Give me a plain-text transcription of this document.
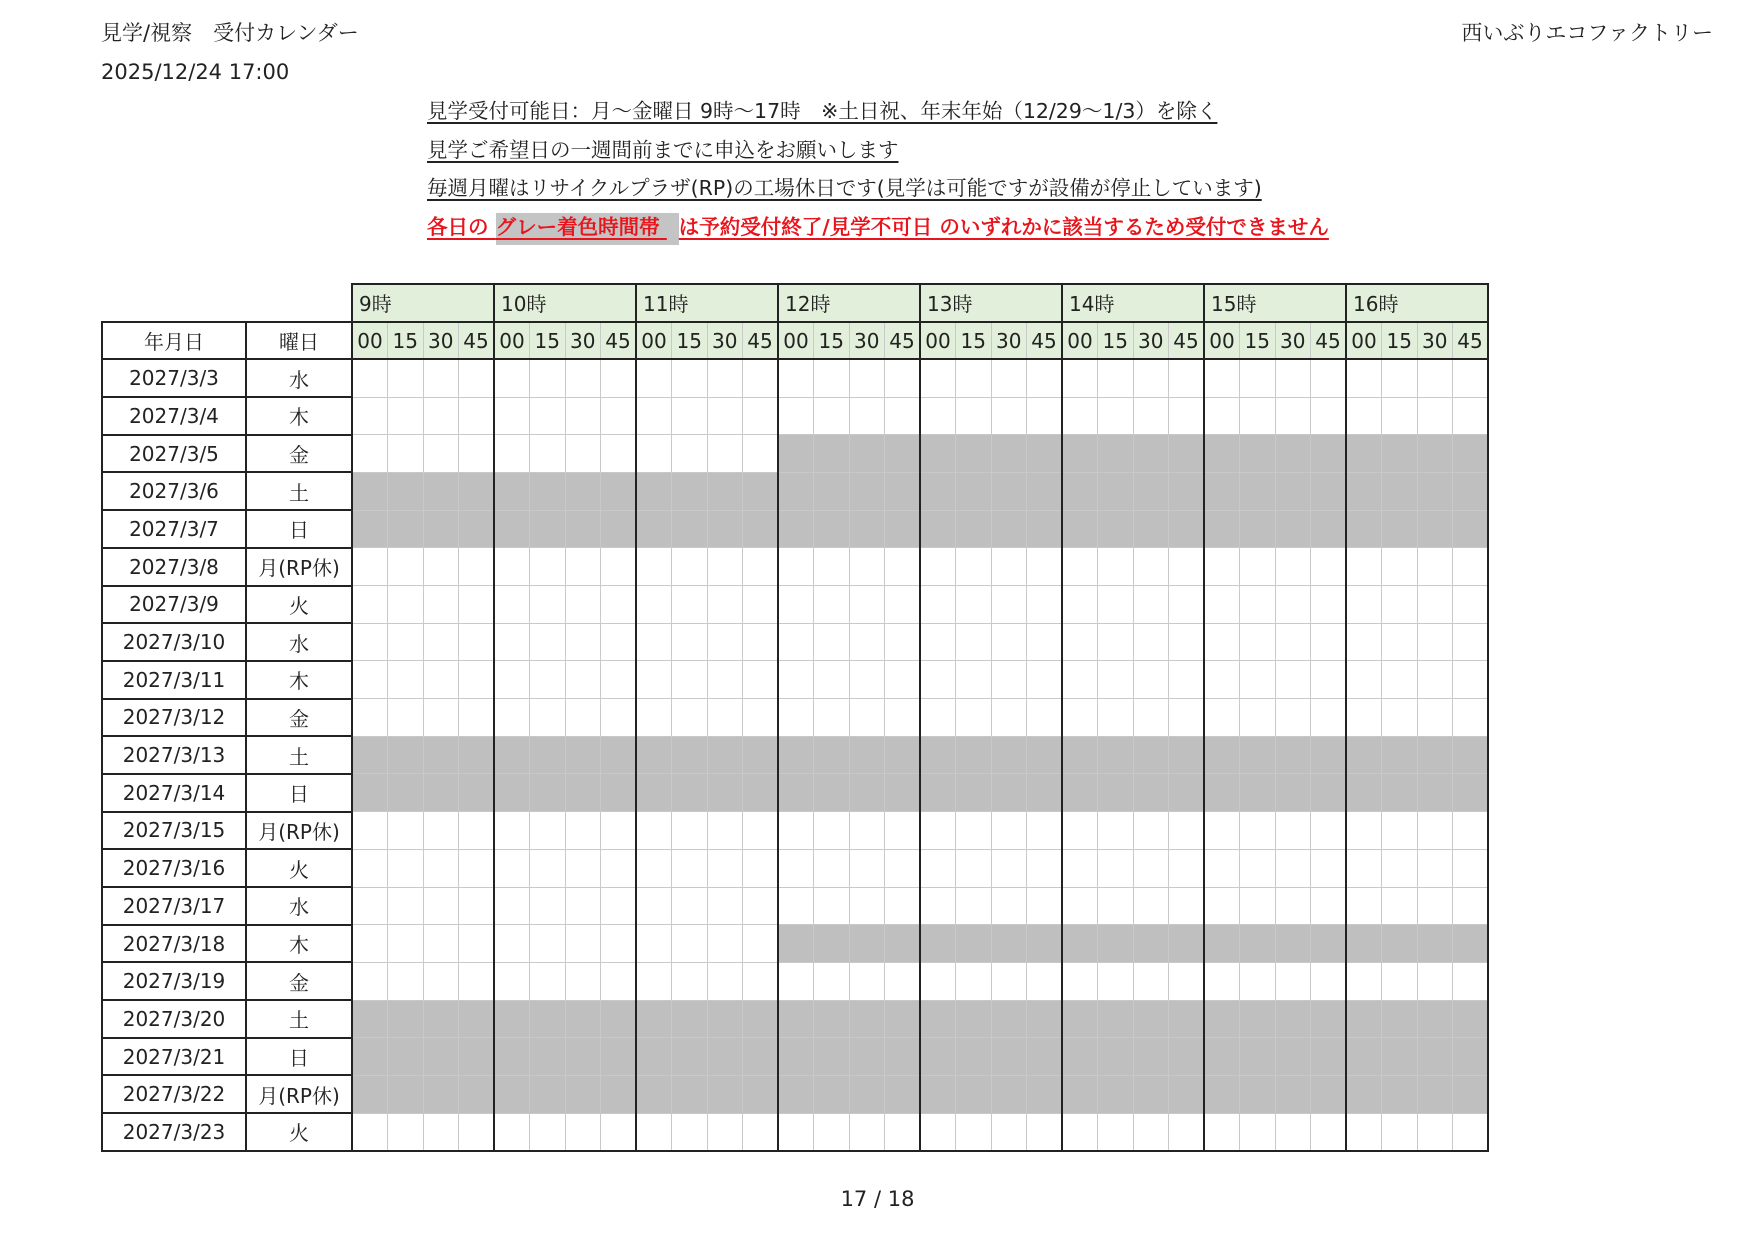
見学/視察　受付カレンダー
2025/12/24 17:00
西いぶりエコファクトリー
見学受付可能日：月～金曜日 9時～17時　※土日祝、年末年始（12/29～1/3）を除く
見学ご希望日の一週間前までに申込をお願いします
毎週月曜はリサイクルプラザ(RP)の工場休日です(見学は可能ですが設備が停止しています)
各日の グレー着色時間帯 は予約受付終了/見学不可日 のいずれかに該当するため受付できません
		9時				10時				11時				12時				13時				14時				15時				16時			
年月日	曜日	00	15	30	45	00	15	30	45	00	15	30	45	00	15	30	45	00	15	30	45	00	15	30	45	00	15	30	45	00	15	30	45
2027/3/3	水																																
2027/3/4	木																																
2027/3/5	金																																
2027/3/6	土																																
2027/3/7	日																																
2027/3/8	月(RP休)																																
2027/3/9	火																																
2027/3/10	水																																
2027/3/11	木																																
2027/3/12	金																																
2027/3/13	土																																
2027/3/14	日																																
2027/3/15	月(RP休)																																
2027/3/16	火																																
2027/3/17	水																																
2027/3/18	木																																
2027/3/19	金																																
2027/3/20	土																																
2027/3/21	日																																
2027/3/22	月(RP休)																																
2027/3/23	火																																
17 / 18
